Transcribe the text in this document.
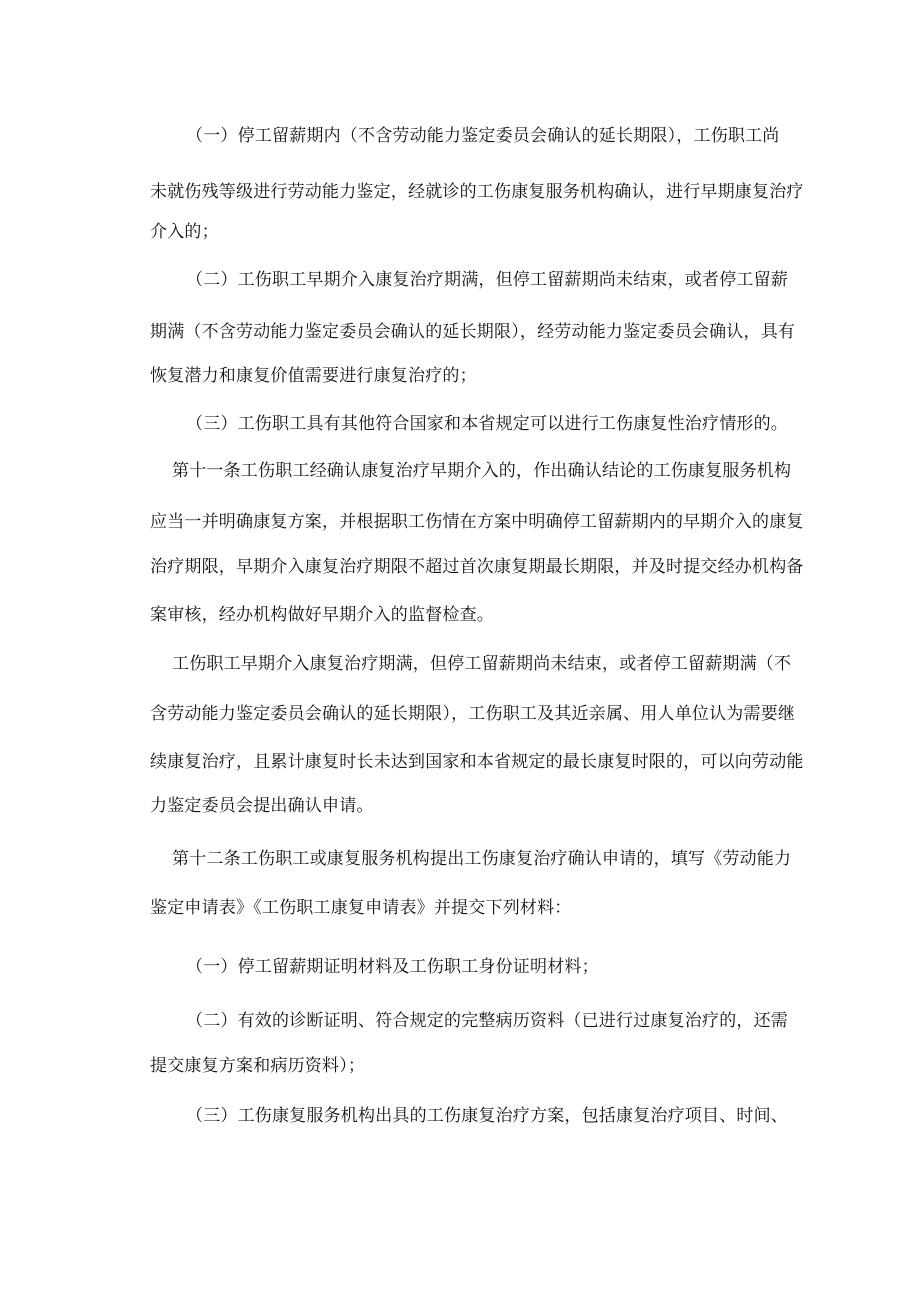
（一）停工留薪期内（不含劳动能力鉴定委员会确认的延长期限），工伤职工尚
未就伤残等级进行劳动能力鉴定，经就诊的工伤康复服务机构确认，进行早期康复治疗
介入的；
（二）工伤职工早期介入康复治疗期满，但停工留薪期尚未结束，或者停工留薪
期满（不含劳动能力鉴定委员会确认的延长期限），经劳动能力鉴定委员会确认，具有
恢复潜力和康复价值需要进行康复治疗的；
（三）工伤职工具有其他符合国家和本省规定可以进行工伤康复性治疗情形的。
第十一条工伤职工经确认康复治疗早期介入的，作出确认结论的工伤康复服务机构
应当一并明确康复方案，并根据职工伤情在方案中明确停工留薪期内的早期介入的康复
治疗期限，早期介入康复治疗期限不超过首次康复期最长期限，并及时提交经办机构备
案审核，经办机构做好早期介入的监督检查。
工伤职工早期介入康复治疗期满，但停工留薪期尚未结束，或者停工留薪期满（不
含劳动能力鉴定委员会确认的延长期限），工伤职工及其近亲属、用人单位认为需要继
续康复治疗，且累计康复时长未达到国家和本省规定的最长康复时限的，可以向劳动能
力鉴定委员会提出确认申请。
第十二条工伤职工或康复服务机构提出工伤康复治疗确认申请的，填写《劳动能力
鉴定申请表》《工伤职工康复申请表》并提交下列材料：
（一）停工留薪期证明材料及工伤职工身份证明材料；
（二）有效的诊断证明、符合规定的完整病历资料（已进行过康复治疗的，还需
提交康复方案和病历资料）；
（三）工伤康复服务机构出具的工伤康复治疗方案，包括康复治疗项目、时间、
